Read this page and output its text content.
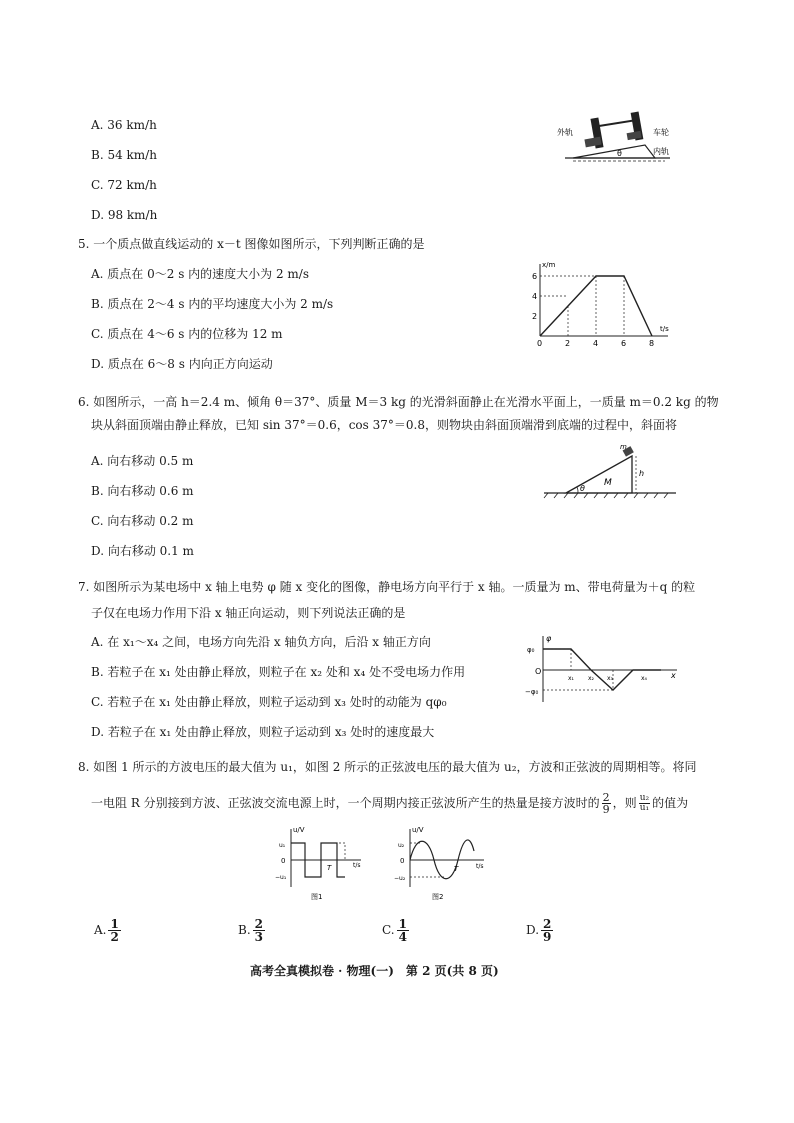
A. 36 km/h
B. 54 km/h
C. 72 km/h
D. 98 km/h
外轨	车轮
内轨
θ
5. 一个质点做直线运动的 x－t 图像如图所示，下列判断正确的是
A. 质点在 0～2 s 内的速度大小为 2 m/s
B. 质点在 2～4 s 内的平均速度大小为 2 m/s
C. 质点在 4～6 s 内的位移为 12 m
D. 质点在 6～8 s 内向正方向运动
x/m
t/s
0	2	4	6	8
2
4
6
6. 如图所示，一高 h＝2.4 m、倾角 θ＝37°、质量 M＝3 kg 的光滑斜面静止在光滑水平面上，一质量 m＝0.2 kg 的物
块从斜面顶端由静止释放，已知 sin 37°＝0.6，cos 37°＝0.8，则物块由斜面顶端滑到底端的过程中，斜面将
A. 向右移动 0.5 m
B. 向右移动 0.6 m
C. 向右移动 0.2 m
D. 向右移动 0.1 m
θ
M
h
m
7. 如图所示为某电场中 x 轴上电势 φ 随 x 变化的图像，静电场方向平行于 x 轴。一质量为 m、带电荷量为＋q 的粒
子仅在电场力作用下沿 x 轴正向运动，则下列说法正确的是
A. 在 x₁～x₄ 之间，电场方向先沿 x 轴负方向，后沿 x 轴正方向
B. 若粒子在 x₁ 处由静止释放，则粒子在 x₂ 处和 x₄ 处不受电场力作用
C. 若粒子在 x₁ 处由静止释放，则粒子运动到 x₃ 处时的动能为 qφ₀
D. 若粒子在 x₁ 处由静止释放，则粒子运动到 x₃ 处时的速度最大
φ
x
O
φ₀
−φ₀
x₁ x₂ x₃	x₄
8. 如图 1 所示的方波电压的最大值为 u₁，如图 2 所示的正弦波电压的最大值为 u₂，方波和正弦波的周期相等。将同
一电阻 R 分别接到方波、正弦波交流电源上时，一个周期内接正弦波所产生的热量是接方波时的 $\frac{2}{9}$ ，则 $\frac{\text{u₂}}{\text{u₁}}$ 的值为
u/V
t/s
u₁
0
−u₁
T
图1
u/V
t/s
u₂
0
−u₂
T
图2
A. $\frac{1}{2}$	B. $\frac{2}{3}$	C. $\frac{1}{4}$	D. $\frac{2}{9}$
高考全真模拟卷 · 物理(一)　第 2 页(共 8 页)
